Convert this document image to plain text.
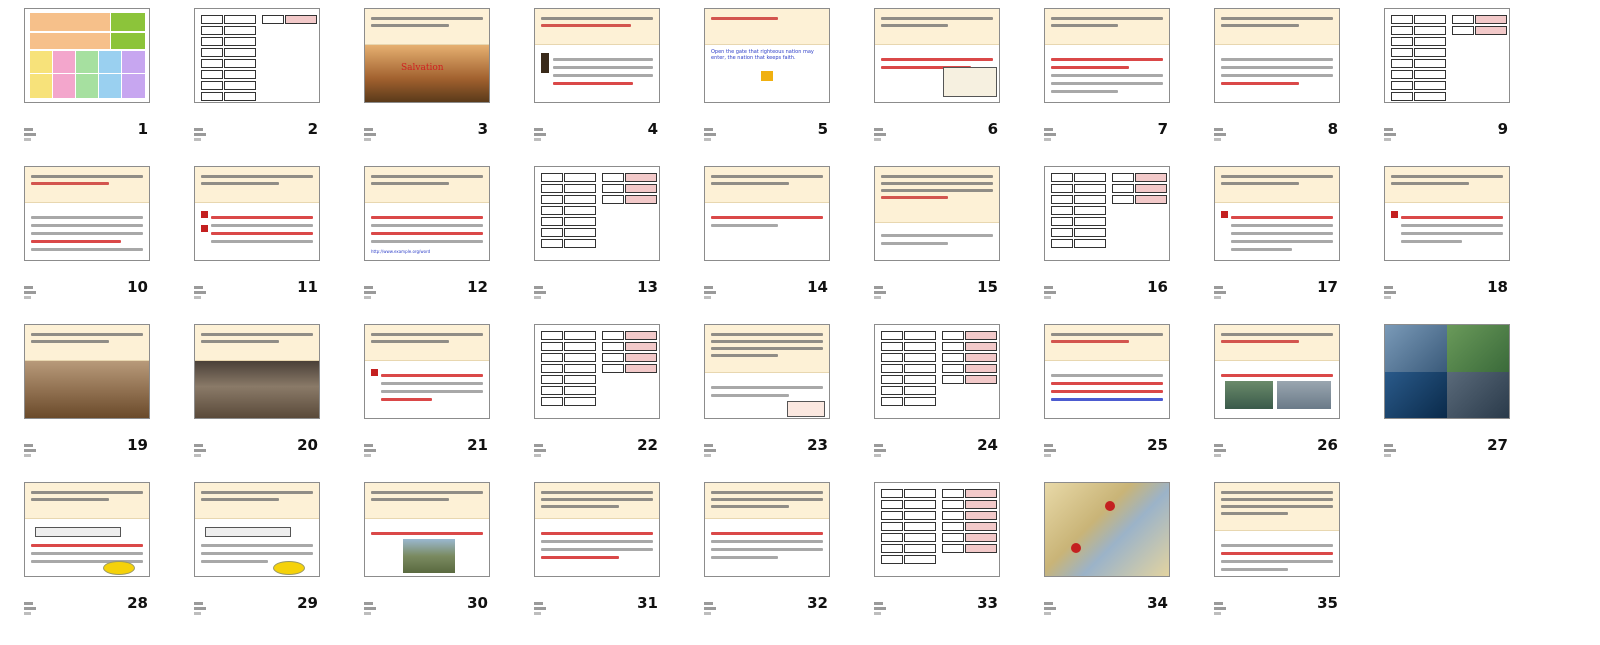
1	2
Salvation
3	4
Open the gate that righteous nation may enter, the nation that keeps faith.
5	6	7	8	9
10	11
http://www.example.org/word
12	13	14	15	16	17	18
19	20	21	22	23	24	25	26	27
28	29	30	31	32	33	34	35
